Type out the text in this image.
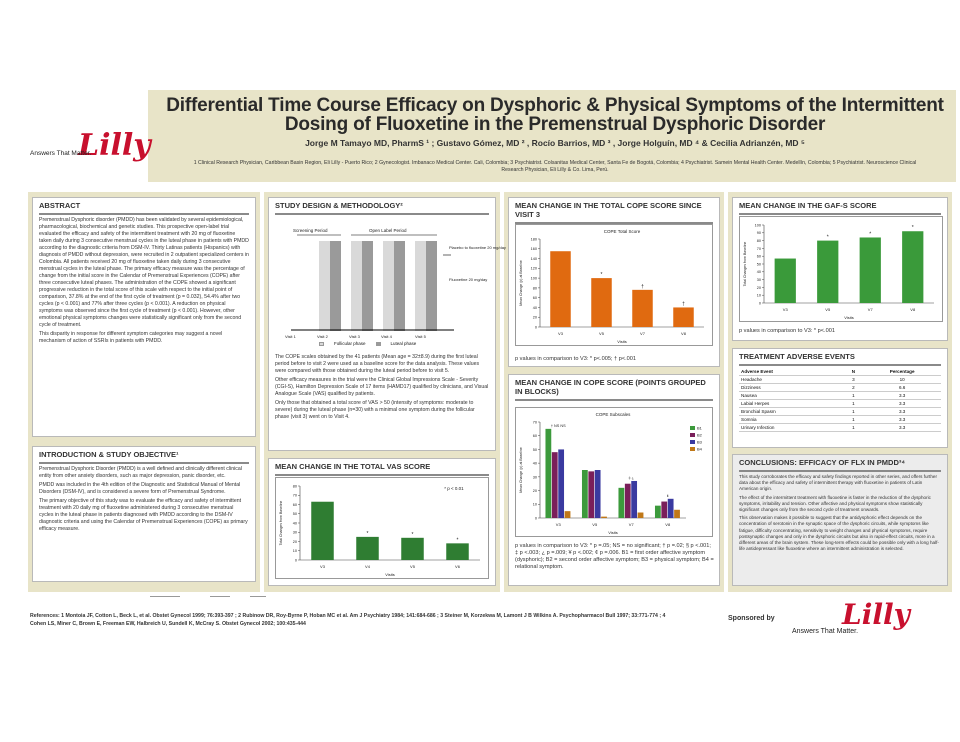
Lilly
Answers That Matter.
Differential Time Course Efficacy on Dysphoric & Physical Symptoms of the Intermittent Dosing of Fluoxetine in the Premenstrual Dysphoric Disorder
Jorge M Tamayo MD, PharmS ¹ ; Gustavo Gómez, MD ² , Rocío Barrios, MD ³ , Jorge Holguín, MD ⁴ & Cecilia Adrianzén, MD ⁵
1 Clinical Research Physician, Caribbean Basin Region, Eli Lilly - Puerto Rico; 2 Gynecologist. Imbanaco Medical Center. Cali, Colombia; 3 Psychiatrist. Colsanitas Medical Center, Santa Fe de Bogotá, Colombia; 4 Psychiatrist. Samein Mental Health Center. Medellín, Colombia; 5 Psychiatrist. Neuroscience Clinical Research Physician, Eli Lilly & Co. Lima, Perú.
ABSTRACT

Premenstrual Dysphoric disorder (PMDD) has been validated by several epidemiological, pharmacological, biochemical and genetic studies. This prospective open-label trial evaluated the efficacy and safety of the intermittent treatment with 20 mg of fluoxetine taken daily during 3 consecutive menstrual cycles in the luteal phase in patients with PMDD according to the diagnostic criteria from DSM-IV. Thirty Latinas patients (Hispanics) with diagnosis of PMDD without depression, were recruited in 2 outpatient specialized centers in Colombia. All patients received 20 mg of fluoxetine taken daily during 3 consecutive menstrual cycles in the luteal phase. The primary efficacy measure was the percentage of change from the initial score in the Calendar of Premenstrual Experiences (COPE) after three consecutive luteal phases. The administration of the COPE showed a significant progressive reduction in the total score of this scale with respect to the initial point of comparison, 37.8% at the end of the first cycle of treatment (p = 0.032), 54.4% after two cycles (p < 0.001) and 77% after three cycles (p < 0.001). A reduction on physical symptoms was observed since the first cycle of treatment (p < 0.001). However, other emotional physical symptoms changes were statistically significant only from the second cycle of treatment.

This disparity in response for different symptom categories may suggest a novel mechanism of action of SSRIs in patients with PMDD.

INTRODUCTION & STUDY OBJECTIVE¹

Premenstrual Dysphoric Disorder (PMDD) is a well defined and clinically different clinical entity from other anxiety disorders, such as major depression, panic disorder, etc.

PMDD was included in the 4th edition of the Diagnostic and Statistical Manual of Mental Disorders (DSM-IV), and is considered a severe form of Premenstrual Syndrome.

The primary objective of this study was to evaluate the efficacy and safety of intermittent treatment with 20 daily mg of fluoxetine administered during 3 consecutive menstrual cycles in the luteal phase in patients diagnosed with PMDD according to the DSM-IV diagnostic criteria and using the Calendar of Premenstrual Experiences (COPE) as primary efficacy measure.

STUDY DESIGN & METHODOLOGY²
Screening Period	Open Label Period
Placebo to fluoxetine 20 mg/day
Fluoxetine 20 mg/day
Visit 1	Visit 2	Visit 3	Visit 4	Visit 5
Follicular phase	Luteal phase

The COPE scales obtained by the 41 patients (Mean age = 32±8.9) during the first luteal period before to visit 2 were used as a baseline score for the data analysis. These values were compared with those obtained during the luteal period before to visit 5.

Other efficacy measures in the trial were the Clinical Global Impressions Scale - Severity (CGI-S), Hamilton Depression Scale of 17 items (HAMD17) qualified by clinicians, and Visual Analogue Scale (VAS) qualified by patients.

Only those that obtained a total score of VAS > 50 (intensity of symptoms: moderate to severe) during the luteal phase (n=30) with a minimal one symptom during the follicular phase (visit 3) went on to Visit 4.

MEAN CHANGE IN THE TOTAL VAS SCORE
0
10
20
30
40
50
60
70
80
Total Changes from Baseline
Visits
V3	V4
*
V5
*
V6
*
* p < 0.01
MEAN CHANGE IN THE TOTAL COPE SCORE SINCE VISIT 3
COPE Total Score
0
20
40
60
80
100
120
140
160
180
Mean Change (p) at Baseline
Visits
V3	V5
*
V7
†
V8
†
p values in comparison to V3: * p<.005; † p<.001
MEAN CHANGE IN COPE SCORE (POINTS GROUPED IN BLOCKS)
COPE Subscales
0
10
20
30
40
50
60
70
Mean Change (p) at Baseline
Visits
V3
† NS NS
V5	V7
‡ ¿
V8
¢
B1
B2
B3
B4
p values in comparison to V3: * p =.05; NS = no significant; † p =.02; § p <.001; ‡ p <.003; ¿ p =.009; ¥ p <.002; ¢ p =.006. B1 = first order affective symptom (dysphoric); B2 = second order affective symptom; B3 = physical symptom; B4 = relational symptom.
MEAN CHANGE IN THE GAF-S SCORE
0
10
20
30
40
50
60
70
80
90
100
Total Changes from Baseline
Visits
V3	V5
*
V7
*
V8
*
p values in comparison to V3: * p<.001
TREATMENT ADVERSE EVENTS
Adverse Event	N	Percentage
Headache	3	10
Dizziness	2	6.6
Nausea	1	3.3
Labial Herpes	1	3.3
Bronchial Spasm	1	3.3
Somnia	1	3.3
Urinary Infection	1	3.3
CONCLUSIONS: EFFICACY OF FLX IN PMDD³⁴

This study corroborates the efficacy and safety findings reported in other series, and offers further data about the efficacy and safety of intermittent therapy with fluoxetine in patients of Latin American origin.

The effect of the intermittent treatment with fluoxetine is faster in the reduction of the dysphoric symptoms, irritability and tension. Other affective and physical symptoms show statistically significant changes only from the second cycle of treatment onwards.

This observation makes it possible to suggest that the antidysphoric effect depends on the concentration of serotonin in the synaptic space of the dysphoric circuits, while symptoms like fatigue, difficulty concentrating, sensitivity to weight changes and physical symptoms, require postsynaptic changes and only in the dysphoric circuits but also in rapid-effect circuits, more in a different areas of the brain system. These long-term effects could be possible only with a long half-life antidepressant like fluoxetine where an intermittent administration is selected.

References: 1 Montoia JF, Cotton L, Beck L, et al. Obstet Gynecol 1999; 76:393-397 ; 2 Rubinow DR, Roy-Byrne P, Hoban MC et al. Am J Psychiatry 1984; 141:684-686 ; 3 Steiner M, Korzekwa M, Lamont J B Wilkins A. Psychopharmacol Bull 1997; 33:771-774 ; 4 Cohen LS, Miner C, Brown E, Freeman EW, Halbreich U, Sundell K, McCray S. Obstet Gynecol 2002; 100:435-444
Sponsored by Lilly
Answers That Matter.
